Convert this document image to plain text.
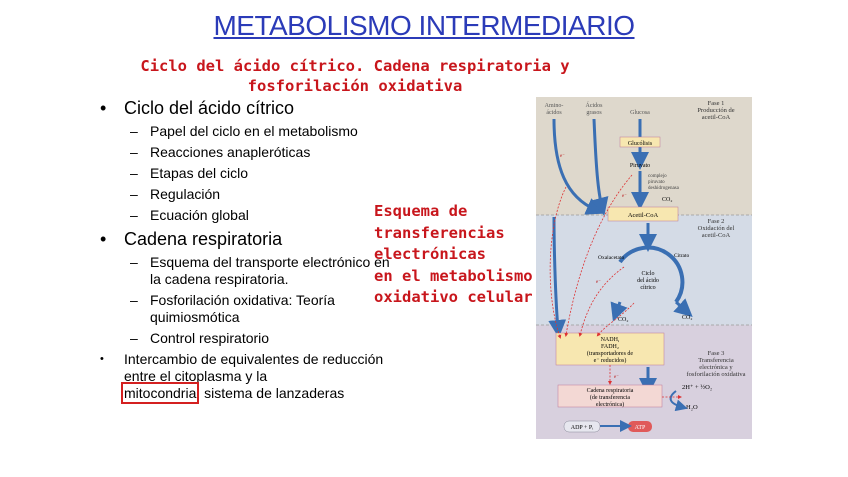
METABOLISMO INTERMEDIARIO
Ciclo del ácido cítrico. Cadena respiratoria y
fosforilación oxidativa
• Ciclo del ácido cítrico
– Papel del ciclo en el metabolismo
– Reacciones anapleróticas
– Etapas del ciclo
– Regulación
– Ecuación global
• Cadena respiratoria
– Esquema del transporte electrónico en la cadena respiratoria.
– Fosforilación oxidativa: Teoría quimiosmótica
– Control respiratorio
•	Intercambio de equivalentes de reducción entre el citoplasma y la
mitocondria: sistema de lanzaderas
Esquema de
transferencias
electrónicas
en el metabolismo
oxidativo celular
Fase 1
Producción de
acetil-CoA
Fase 2
Oxidación del
acetil-CoA
Fase 3
Transferencia
electrónica y
fosforilación oxidativa
Amino-
ácidos
Ácidos
grasos	Glucosa
Glucólisis
Piruvato
complejo
piruvato
deshidrogenasa
CO₂
Acetil-CoA
Oxalacetato	Citrato
Ciclo
del ácido
cítrico
CO₂	CO₂
NADH,
FADH₂
(transportadores de
e⁻ reducidos)
Cadena respiratoria
(de transferencia
electrónica)
2H⁺ + ½O₂
H₂O
ADP + Pᵢ	ATP
e⁻
e⁻
e⁻
e⁻
